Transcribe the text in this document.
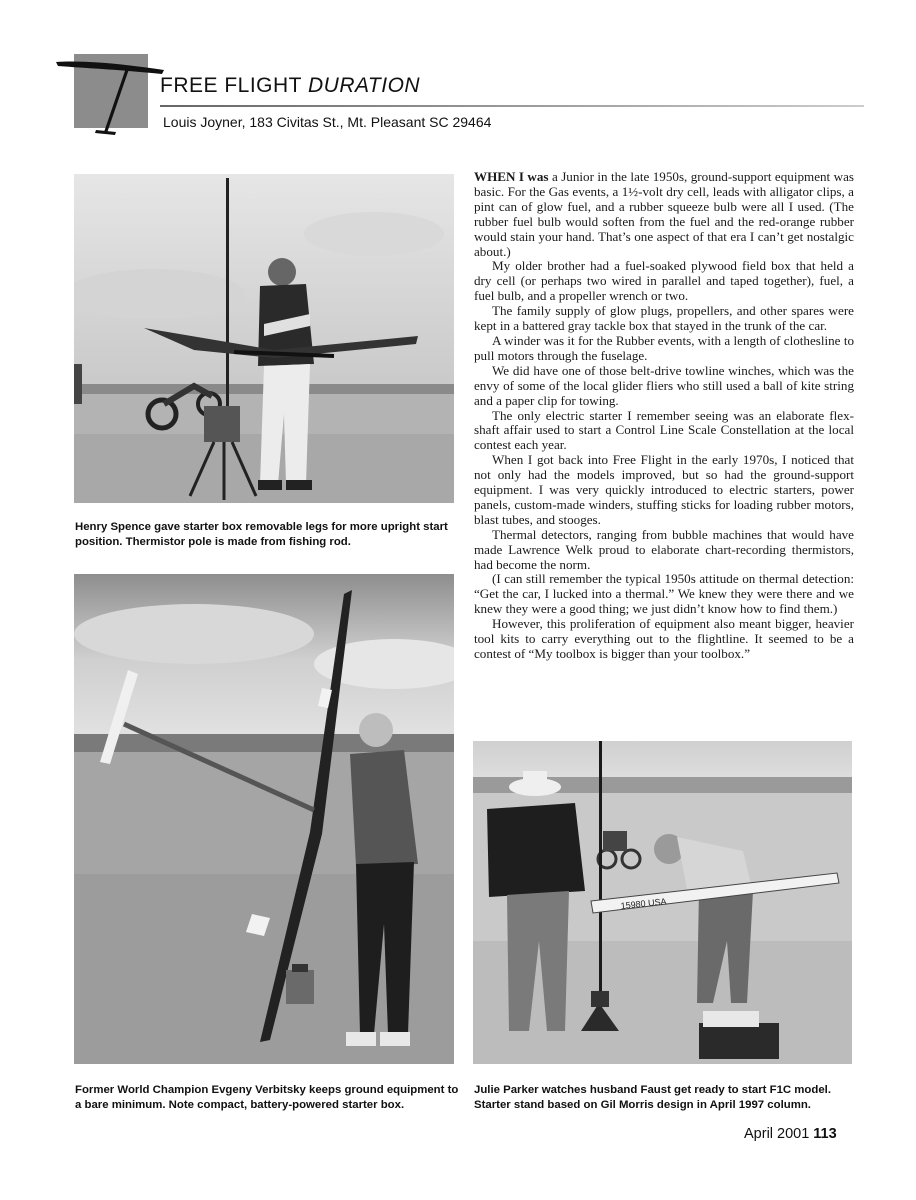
FREE FLIGHT DURATION
Louis Joyner, 183 Civitas St., Mt. Pleasant SC 29464
Henry Spence gave starter box removable legs for more upright start position. Thermistor pole is made from fishing rod.
Former World Champion Evgeny Verbitsky keeps ground equipment to a bare minimum. Note compact, battery-powered starter box.

WHEN I was a Junior in the late 1950s, ground-support equipment was basic. For the Gas events, a 1½-volt dry cell, leads with alligator clips, a pint can of glow fuel, and a rubber squeeze bulb were all I used. (The rubber fuel bulb would soften from the fuel and the red-orange rubber would stain your hand. That’s one aspect of that era I can’t get nostalgic about.)

My older brother had a fuel-soaked plywood field box that held a dry cell (or perhaps two wired in parallel and taped together), fuel, a fuel bulb, and a propeller wrench or two.

The family supply of glow plugs, propellers, and other spares were kept in a battered gray tackle box that stayed in the trunk of the car.

A winder was it for the Rubber events, with a length of clothesline to pull motors through the fuselage.

We did have one of those belt-drive towline winches, which was the envy of some of the local glider fliers who still used a ball of kite string and a paper clip for towing.

The only electric starter I remember seeing was an elaborate flex-shaft affair used to start a Control Line Scale Constellation at the local contest each year.

When I got back into Free Flight in the early 1970s, I noticed that not only had the models improved, but so had the ground-support equipment. I was very quickly introduced to electric starters, power panels, custom-made winders, stuffing sticks for loading rubber motors, blast tubes, and stooges.

Thermal detectors, ranging from bubble machines that would have made Lawrence Welk proud to elaborate chart-recording thermistors, had become the norm.

(I can still remember the typical 1950s attitude on thermal detection: “Get the car, I lucked into a thermal.” We knew they were there and we knew they were a good thing; we just didn’t know how to find them.)

However, this proliferation of equipment also meant bigger, heavier tool kits to carry everything out to the flightline. It seemed to be a contest of “My toolbox is bigger than your toolbox.”

15980 USA
Julie Parker watches husband Faust get ready to start F1C model. Starter stand based on Gil Morris design in April 1997 column.
April 2001 113
